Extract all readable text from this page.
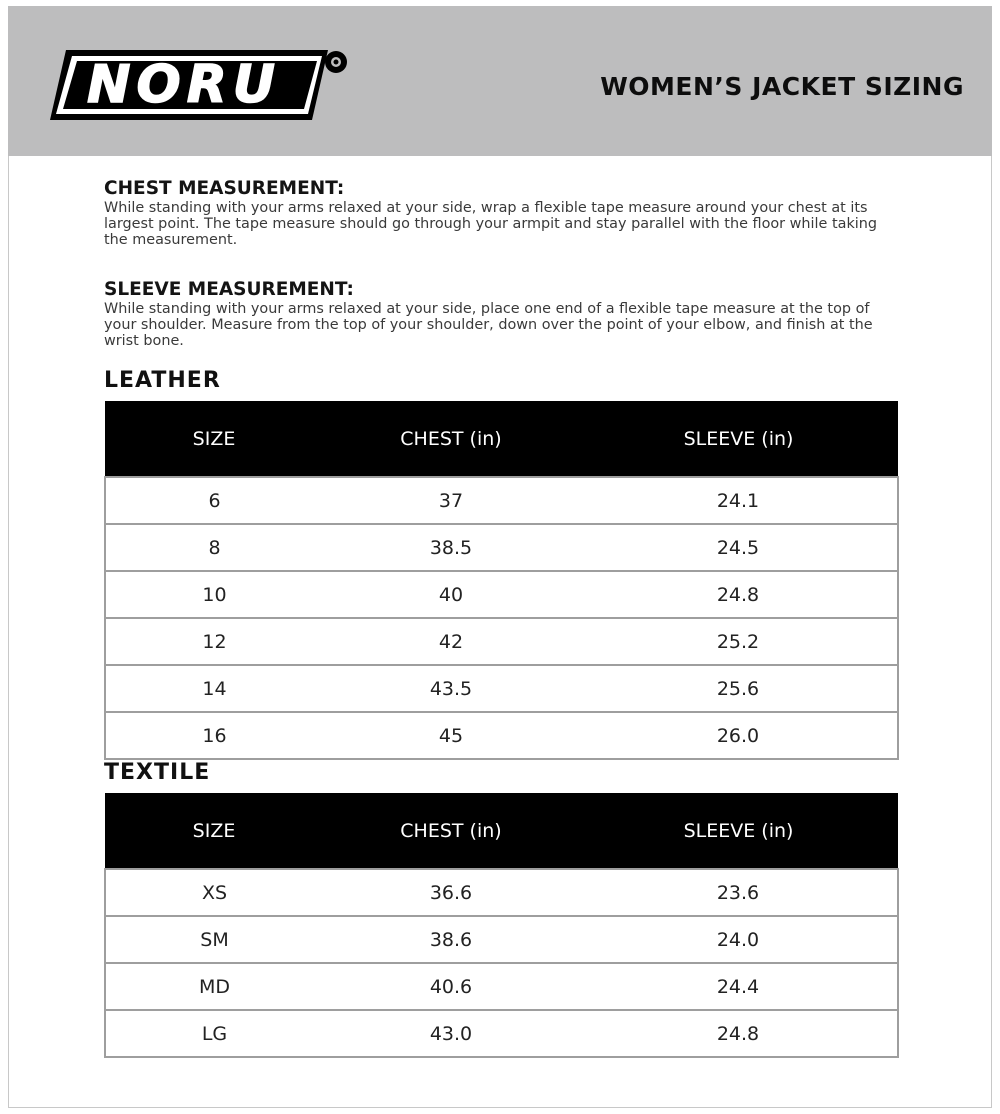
NORU	WOMEN’S JACKET SIZING
CHEST MEASUREMENT:

While standing with your arms relaxed at your side, wrap a flexible tape measure around your chest at its largest point. The tape measure should go through your armpit and stay parallel with the floor while taking the measurement.

SLEEVE MEASUREMENT:

While standing with your arms relaxed at your side, place one end of a flexible tape measure at the top of your shoulder. Measure from the top of your shoulder, down over the point of your elbow, and finish at the wrist bone.

LEATHER
SIZE	CHEST (in)	SLEEVE (in)
6	37	24.1
8	38.5	24.5
10	40	24.8
12	42	25.2
14	43.5	25.6
16	45	26.0
TEXTILE
SIZE	CHEST (in)	SLEEVE (in)
XS	36.6	23.6
SM	38.6	24.0
MD	40.6	24.4
LG	43.0	24.8
